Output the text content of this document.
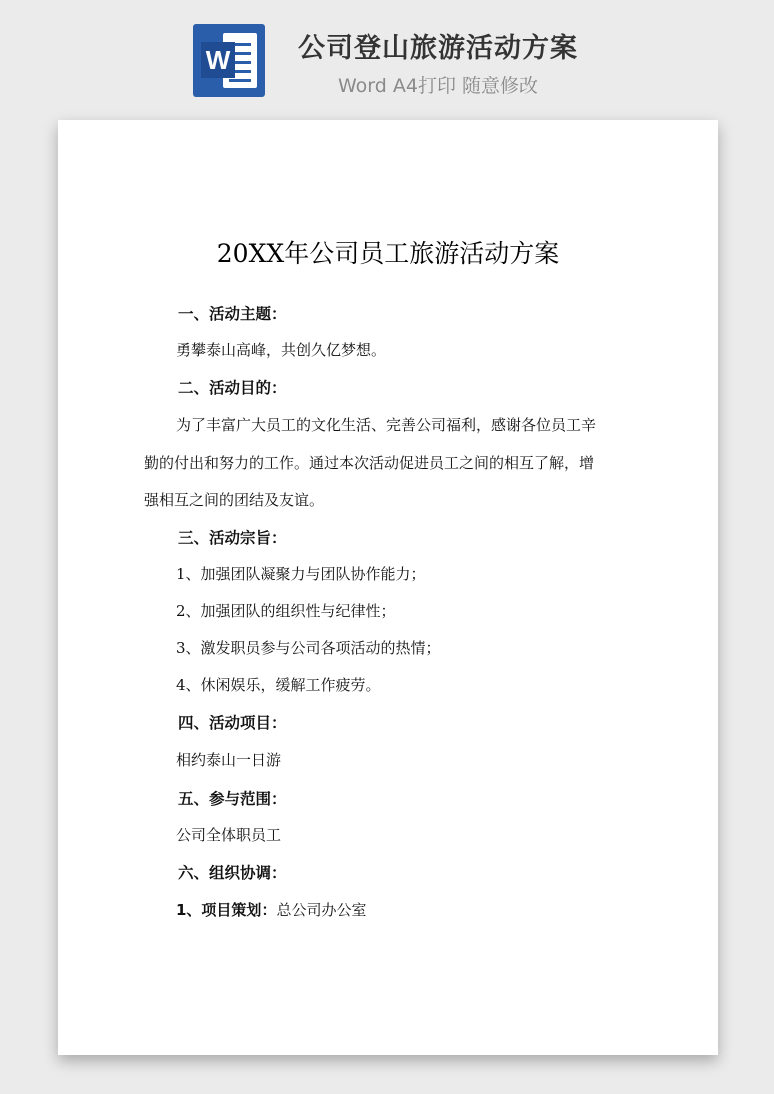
W	公司登山旅游活动方案
Word A4打印 随意修改
20XX年公司员工旅游活动方案
一、活动主题：
勇攀泰山高峰，共创久亿梦想。
二、活动目的：
为了丰富广大员工的文化生活、完善公司福利，感谢各位员工辛
勤的付出和努力的工作。通过本次活动促进员工之间的相互了解，增
强相互之间的团结及友谊。
三、活动宗旨：
1、加强团队凝聚力与团队协作能力；
2、加强团队的组织性与纪律性；
3、激发职员参与公司各项活动的热情；
4、休闲娱乐，缓解工作疲劳。
四、活动项目：
相约泰山一日游
五、参与范围：
公司全体职员工
六、组织协调：
1、项目策划：总公司办公室
